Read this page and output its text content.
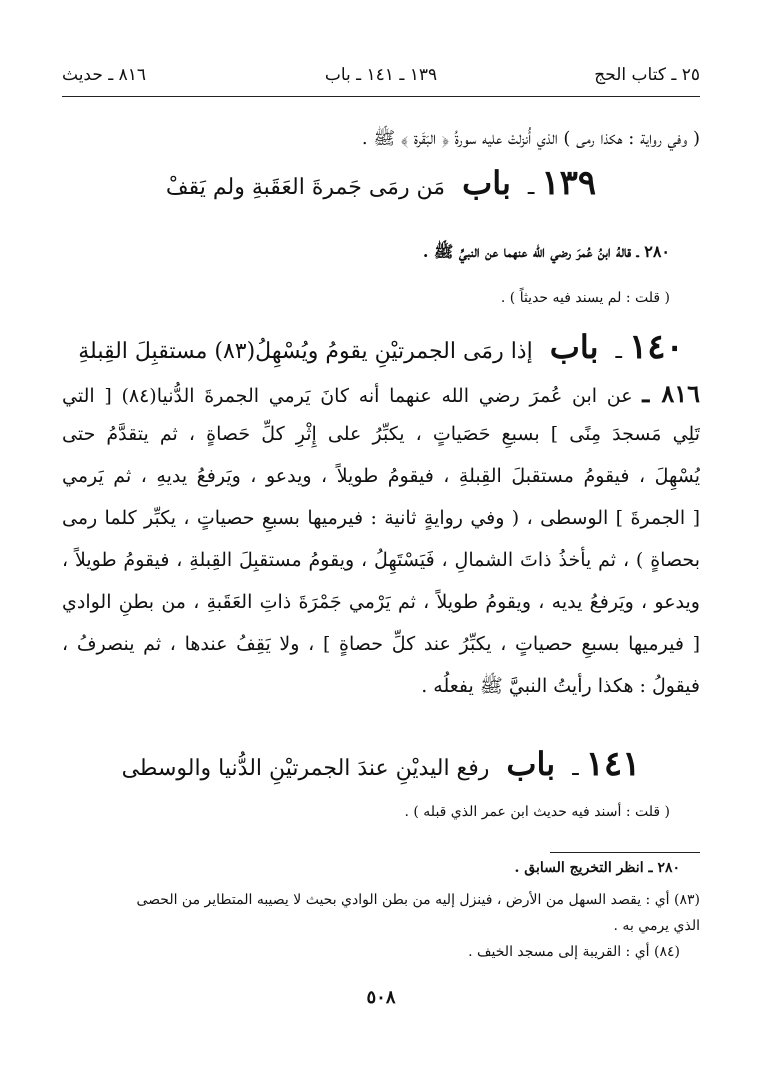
٢٥ ـ كتاب الحج
١٣٩ ـ ١٤١ ـ باب
٨١٦ ـ حديث
( وفي رواية : هكذا رمى ) الذي أُنزلتْ عليه سورةُ ﴿ البَقَرة ﴾ ﷺ .
١٣٩ ـ باب مَن رمَى جَمرةَ العَقَبةِ ولم يَقفْ
٢٨٠ ـ قالهُ ابنُ عُمرَ رضي الله عنهما عن النبيِّ ﷺ .
( قلت : لم يسند فيه حديثاً ) .
١٤٠ ـ باب إذا رمَى الجمرتيْنِ يقومُ ويُسْهِلُ(٨٣) مستقبِلَ القِبلةِ
٨١٦ ـ عن ابن عُمرَ رضي الله عنهما أنه كانَ يَرمي الجمرةَ الدُّنيا(٨٤) [ التي
تَلِي مَسجدَ مِنًى ] بسبعِ حَصَياتٍ ، يكبِّرُ على إِثْرِ كلِّ حَصاةٍ ، ثم يتقدَّمُ حتى
يُسْهِلَ ، فيقومُ مستقبلَ القِبلةِ ، فيقومُ طويلاً ، ويدعو ، ويَرفعُ يديهِ ، ثم يَرمي
[ الجمرةَ ] الوسطى ، ( وفي روايةٍ ثانية : فيرميها بسبعِ حصياتٍ ، يكبِّر كلما رمى
بحصاةٍ ) ، ثم يأخذُ ذاتَ الشمالِ ، فَيَسْتَهِلُ ، ويقومُ مستقبِلَ القِبلةِ ، فيقومُ طويلاً ،
ويدعو ، ويَرفعُ يديه ، ويقومُ طويلاً ، ثم يَرْمي جَمْرَةَ ذاتِ العَقَبةِ ، من بطنِ الوادي
[ فيرميها بسبعِ حصياتٍ ، يكبِّرُ عند كلِّ حصاةٍ ] ، ولا يَقِفُ عندها ، ثم ينصرفُ ،
فيقولُ : هكذا رأيتُ النبيَّ ﷺ يفعلُه .
١٤١ ـ باب رفع اليديْنِ عندَ الجمرتيْنِ الدُّنيا والوسطى
( قلت : أسند فيه حديث ابن عمر الذي قبله ) .
٢٨٠ ـ انظر التخريج السابق .
(٨٣) أي : يقصد السهل من الأرض ، فينزل إليه من بطن الوادي بحيث لا يصيبه المتطاير من الحصى
الذي يرمي به .
(٨٤) أي : القريبة إلى مسجد الخيف .
٥٠٨
